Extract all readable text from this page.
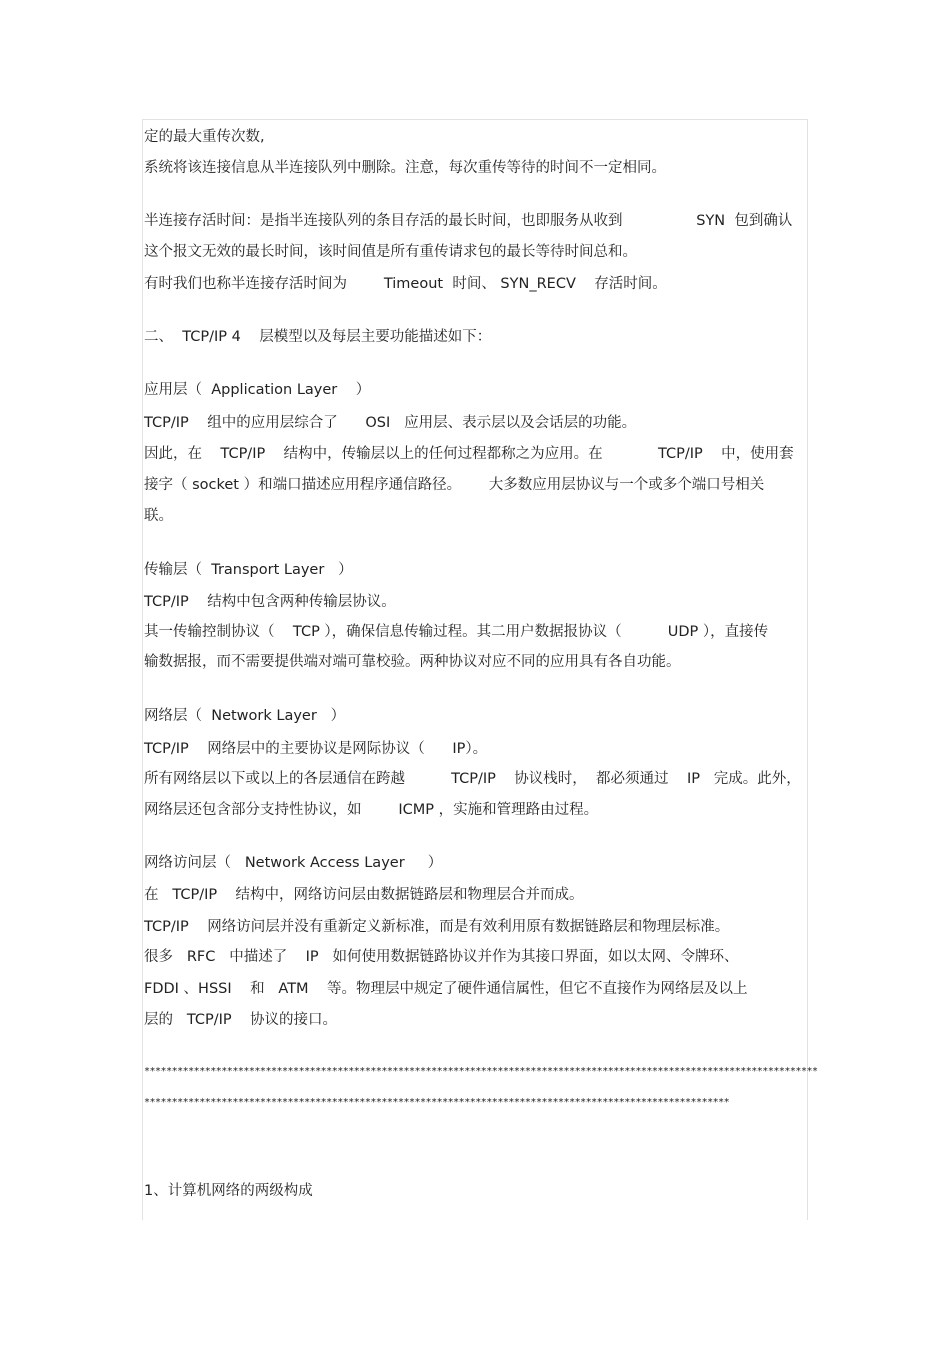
定的最大重传次数,
系统将该连接信息从半连接队列中删除。注意，每次重传等待的时间不一定相同。
半连接存活时间：是指半连接队列的条目存活的最长时间，也即服务从收到                SYN  包到确认
这个报文无效的最长时间，该时间值是所有重传请求包的最长等待时间总和。
有时我们也称半连接存活时间为        Timeout  时间、 SYN_RECV    存活时间。
二、  TCP/IP 4    层模型以及每层主要功能描述如下：
应用层（  Application Layer    ）
TCP/IP    组中的应用层综合了      OSI   应用层、表示层以及会话层的功能。
因此，在    TCP/IP    结构中，传输层以上的任何过程都称之为应用。在            TCP/IP    中，使用套
接字（ socket ）和端口描述应用程序通信路径。      大多数应用层协议与一个或多个端口号相关
联。
传输层（  Transport Layer   ）
TCP/IP    结构中包含两种传输层协议。
其一传输控制协议（    TCP ），确保信息传输过程。其二用户数据报协议（          UDP ），直接传
输数据报，而不需要提供端对端可靠校验。两种协议对应不同的应用具有各自功能。
网络层（  Network Layer   ）
TCP/IP    网络层中的主要协议是网际协议（      IP）。
所有网络层以下或以上的各层通信在跨越          TCP/IP    协议栈时，  都必须通过    IP   完成。此外，
网络层还包含部分支持性协议，如        ICMP ，实施和管理路由过程。
网络访问层（   Network Access Layer     ）
在   TCP/IP    结构中，网络访问层由数据链路层和物理层合并而成。
TCP/IP    网络访问层并没有重新定义新标准，而是有效利用原有数据链路层和物理层标准。
很多   RFC   中描述了    IP   如何使用数据链路协议并作为其接口界面，如以太网、令牌环、
FDDI 、HSSI    和   ATM    等。物理层中规定了硬件通信属性，但它不直接作为网络层及以上
层的   TCP/IP    协议的接口。
**************************************************************************************************************************
**********************************************************************************************************
1、计算机网络的两级构成
